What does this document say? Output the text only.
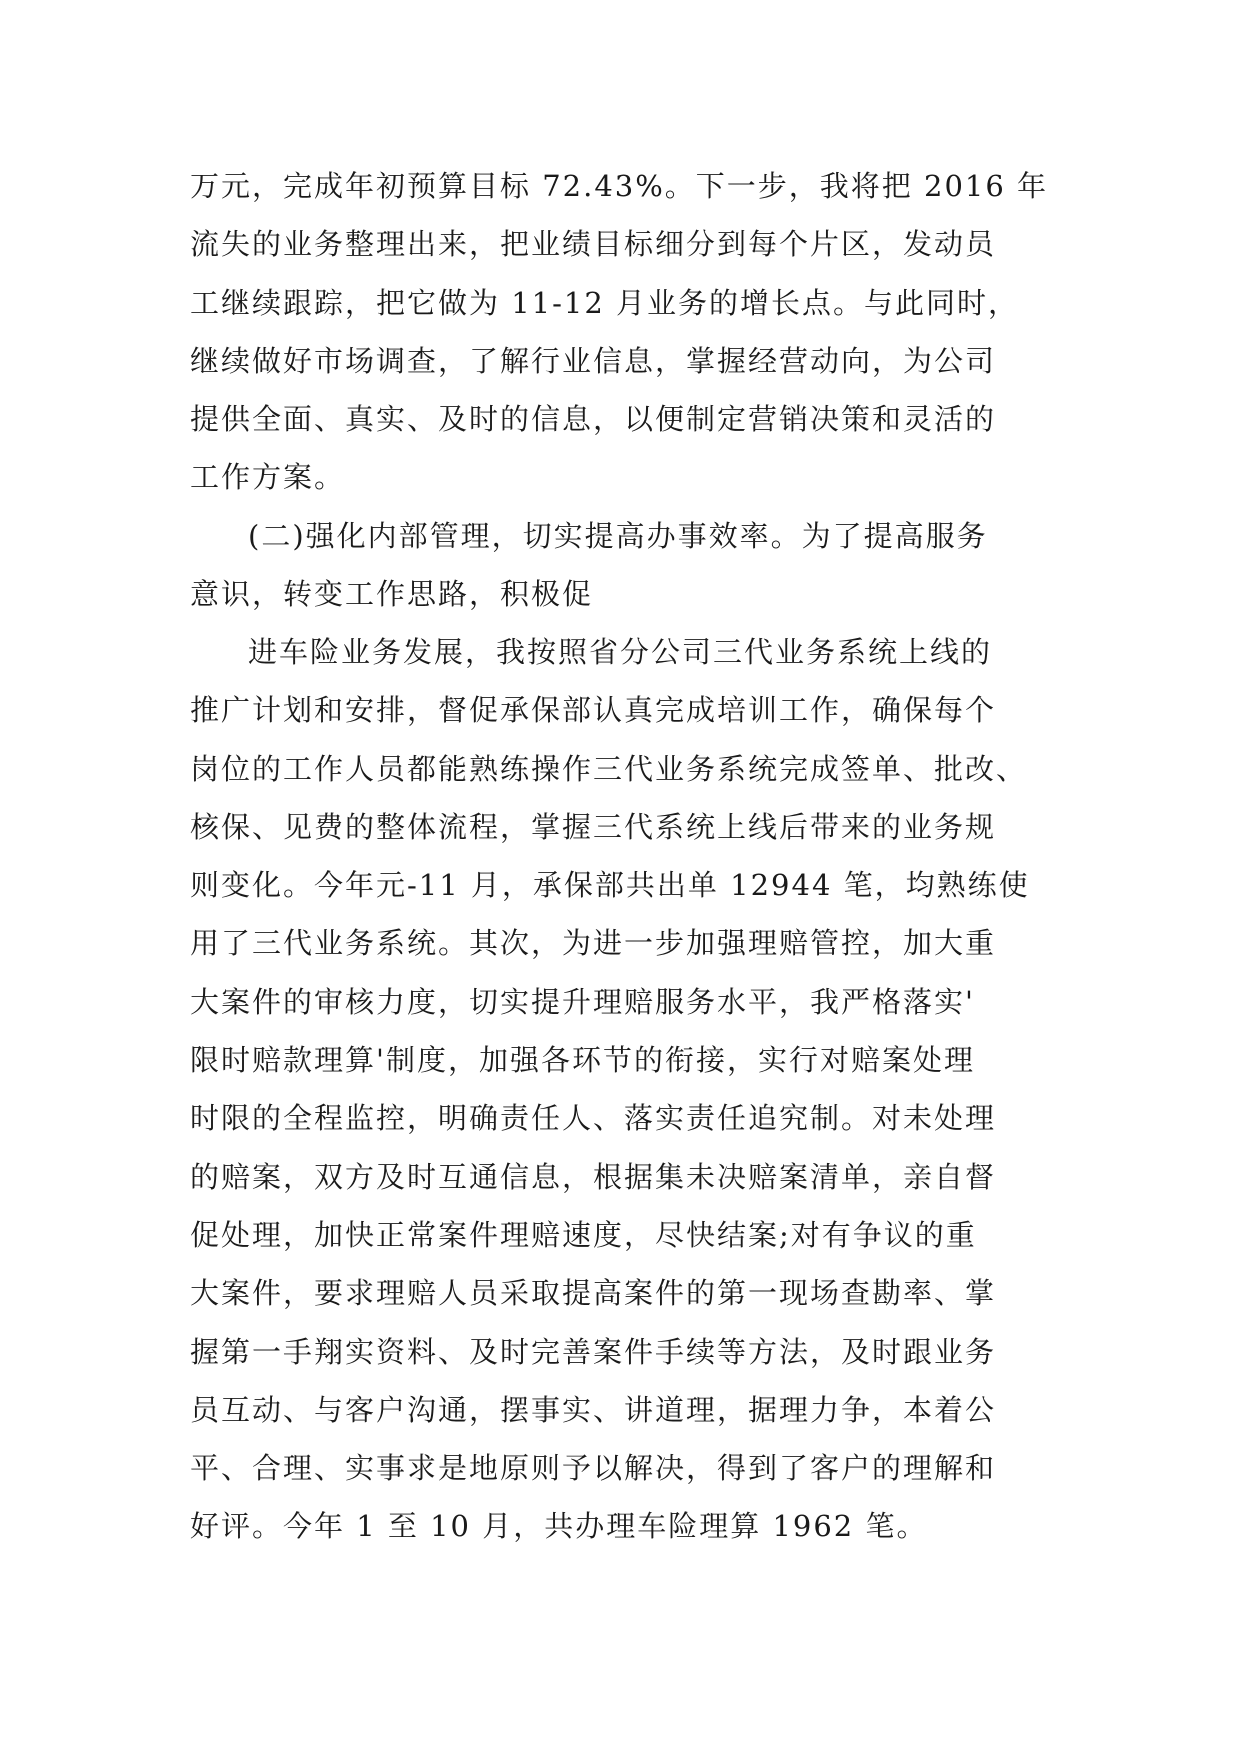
万元，完成年初预算目标 72.43%。下一步，我将把 2016 年
流失的业务整理出来，把业绩目标细分到每个片区，发动员
工继续跟踪，把它做为 11-12 月业务的增长点。与此同时，
继续做好市场调查，了解行业信息，掌握经营动向，为公司
提供全面、真实、及时的信息，以便制定营销决策和灵活的
工作方案。
(二)强化内部管理，切实提高办事效率。为了提高服务
意识，转变工作思路，积极促
进车险业务发展，我按照省分公司三代业务系统上线的
推广计划和安排，督促承保部认真完成培训工作，确保每个
岗位的工作人员都能熟练操作三代业务系统完成签单、批改、
核保、见费的整体流程，掌握三代系统上线后带来的业务规
则变化。今年元-11 月，承保部共出单 12944 笔，均熟练使
用了三代业务系统。其次，为进一步加强理赔管控，加大重
大案件的审核力度，切实提升理赔服务水平，我严格落实'
限时赔款理算'制度，加强各环节的衔接，实行对赔案处理
时限的全程监控，明确责任人、落实责任追究制。对未处理
的赔案，双方及时互通信息，根据集未决赔案清单，亲自督
促处理，加快正常案件理赔速度，尽快结案;对有争议的重
大案件，要求理赔人员采取提高案件的第一现场查勘率、掌
握第一手翔实资料、及时完善案件手续等方法，及时跟业务
员互动、与客户沟通，摆事实、讲道理，据理力争，本着公
平、合理、实事求是地原则予以解决，得到了客户的理解和
好评。今年 1 至 10 月，共办理车险理算 1962 笔。
